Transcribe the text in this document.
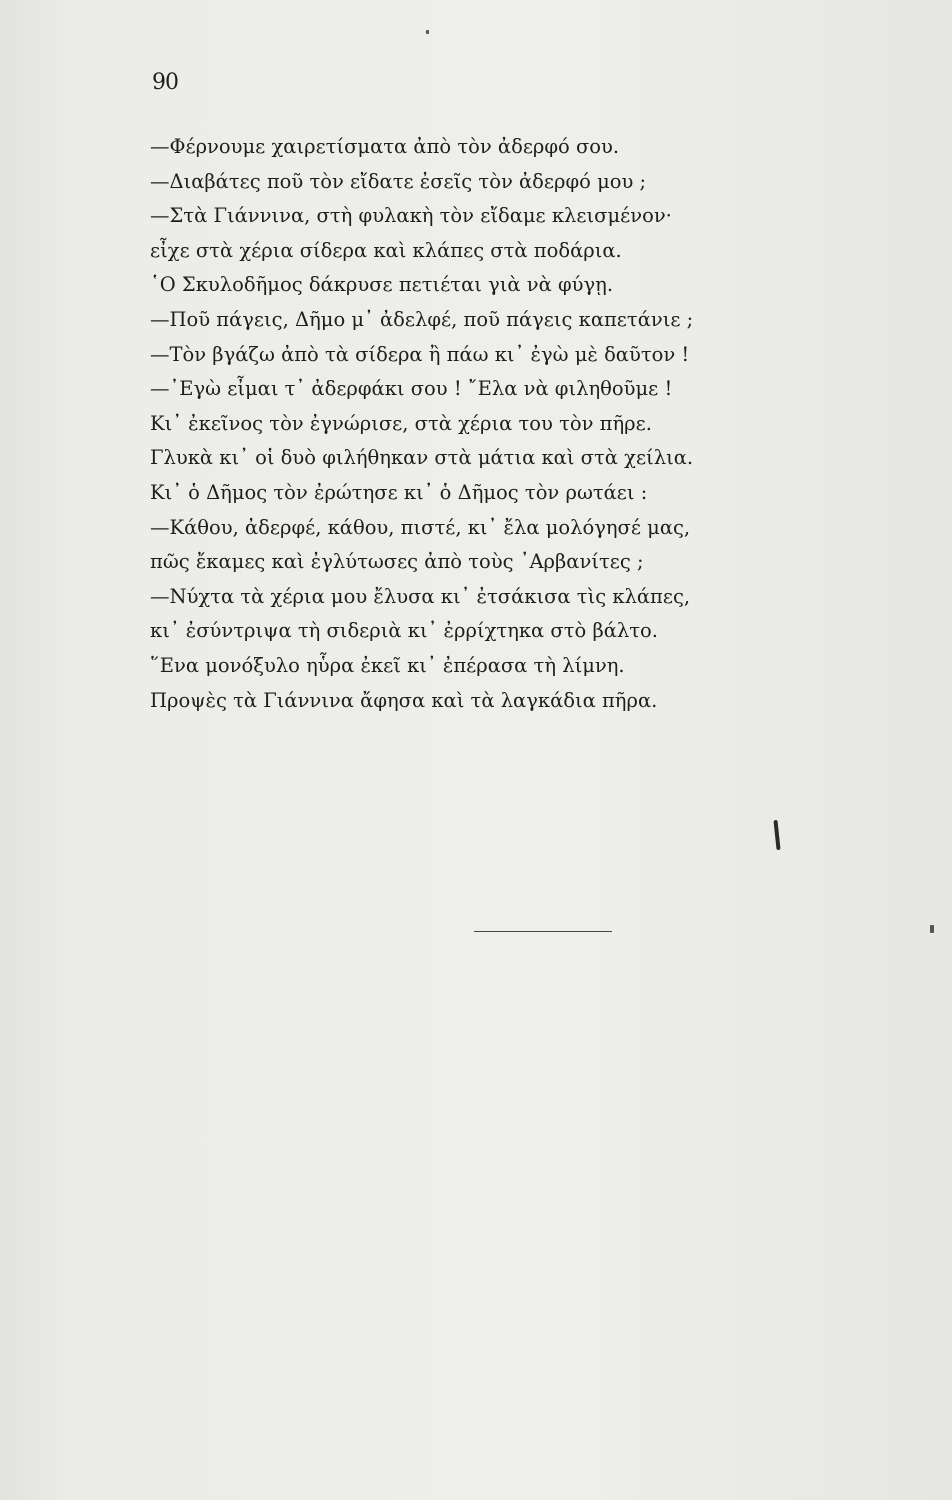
90
—Φέρνουμε χαιρετίσματα ἀπὸ τὸν ἀδερφό σου.
—Διαβάτες ποῦ τὸν εἴδατε ἐσεῖς τὸν ἀδερφό μου ;
—Στὰ Γιάννινα, στὴ φυλακὴ τὸν εἴδαμε κλεισμένον·
εἶχε στὰ χέρια σίδερα καὶ κλάπες στὰ ποδάρια.
῾Ο Σκυλοδῆμος δάκρυσε πετιέται γιὰ νὰ φύγῃ.
—Ποῦ πάγεις, Δῆμο μ᾽ ἀδελφέ, ποῦ πάγεις καπετάνιε ;
—Τὸν βγάζω ἀπὸ τὰ σίδερα ἢ πάω κι᾽ ἐγὼ μὲ δαῦτον !
—᾽Εγὼ εἶμαι τ᾽ ἀδερφάκι σου ! ῎Ελα νὰ φιληθοῦμε !
Κι᾽ ἐκεῖνος τὸν ἐγνώρισε, στὰ χέρια του τὸν πῆρε.
Γλυκὰ κι᾽ οἱ δυὸ φιλήθηκαν στὰ μάτια καὶ στὰ χείλια.
Κι᾽ ὁ Δῆμος τὸν ἐρώτησε κι᾽ ὁ Δῆμος τὸν ρωτάει :
—Κάθου, ἀδερφέ, κάθου, πιστέ, κι᾽ ἔλα μολόγησέ μας,
πῶς ἔκαμες καὶ ἐγλύτωσες ἀπὸ τοὺς ᾽Αρβανίτες ;
—Νύχτα τὰ χέρια μου ἔλυσα κι᾽ ἐτσάκισα τὶς κλάπες,
κι᾽ ἐσύντριψα τὴ σιδεριὰ κι᾽ ἐρρίχτηκα στὸ βάλτο.
῞Ενα μονόξυλο ηὗρα ἐκεῖ κι᾽ ἐπέρασα τὴ λίμνη.
Προψὲς τὰ Γιάννινα ἄφησα καὶ τὰ λαγκάδια πῆρα.
